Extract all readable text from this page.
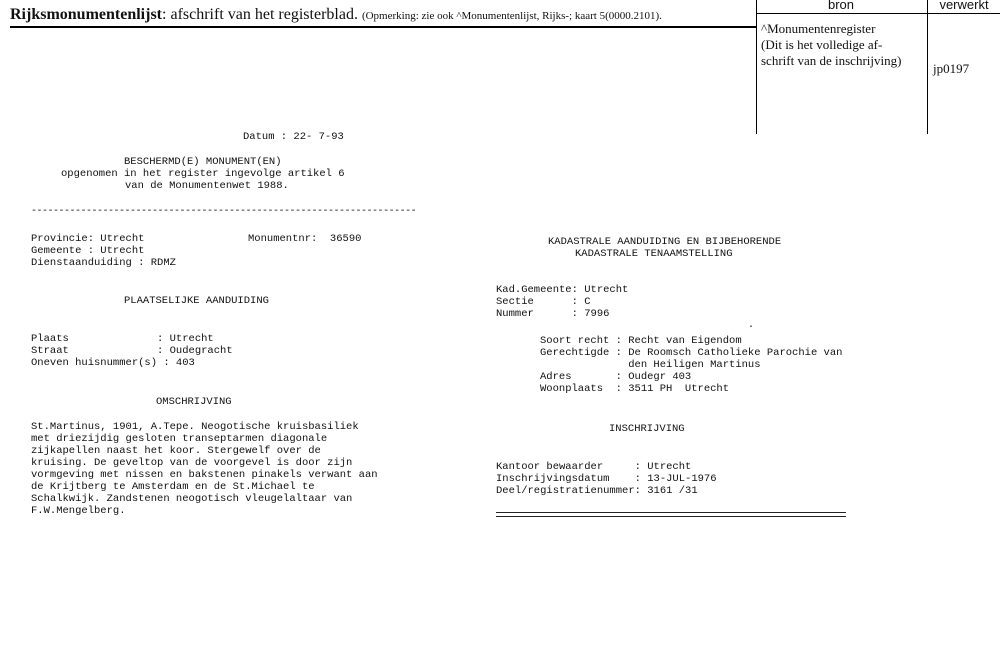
Rijksmonumentenlijst: afschrift van het registerblad. (Opmerking: zie ook ^Monumentenlijst, Rijks-; kaart 5(0000.2101).
bron	verwerkt
^Monumentenregister
(Dit is het volledige af-
schrift van de inschrijving)
jp0197
Datum : 22- 7-93
BESCHERMD(E) MONUMENT(EN)
opgenomen in het register ingevolge artikel 6
van de Monumentenwet 1988.
----------------------------------------------------------------------
Provincie: Utrecht	Monumentnr:  36590
Gemeente : Utrecht
Dienstaanduiding : RDMZ
PLAATSELIJKE AANDUIDING
Plaats              : Utrecht
Straat              : Oudegracht
Oneven huisnummer(s) : 403
OMSCHRIJVING
St.Martinus, 1901, A.Tepe. Neogotische kruisbasiliek
met driezijdig gesloten transeptarmen diagonale
zijkapellen naast het koor. Stergewelf over de
kruising. De geveltop van de voorgevel is door zijn
vormgeving met nissen en bakstenen pinakels verwant aan
de Krijtberg te Amsterdam en de St.Michael te
Schalkwijk. Zandstenen neogotisch vleugelaltaar van
F.W.Mengelberg.
KADASTRALE AANDUIDING EN BIJBEHORENDE
KADASTRALE TENAAMSTELLING
Kad.Gemeente: Utrecht
Sectie      : C
Nummer      : 7996
·
Soort recht : Recht van Eigendom
Gerechtigde : De Roomsch Catholieke Parochie van
den Heiligen Martinus
Adres       : Oudegr 403
Woonplaats  : 3511 PH  Utrecht
INSCHRIJVING
Kantoor bewaarder     : Utrecht
Inschrijvingsdatum    : 13-JUL-1976
Deel/registratienummer: 3161 /31
